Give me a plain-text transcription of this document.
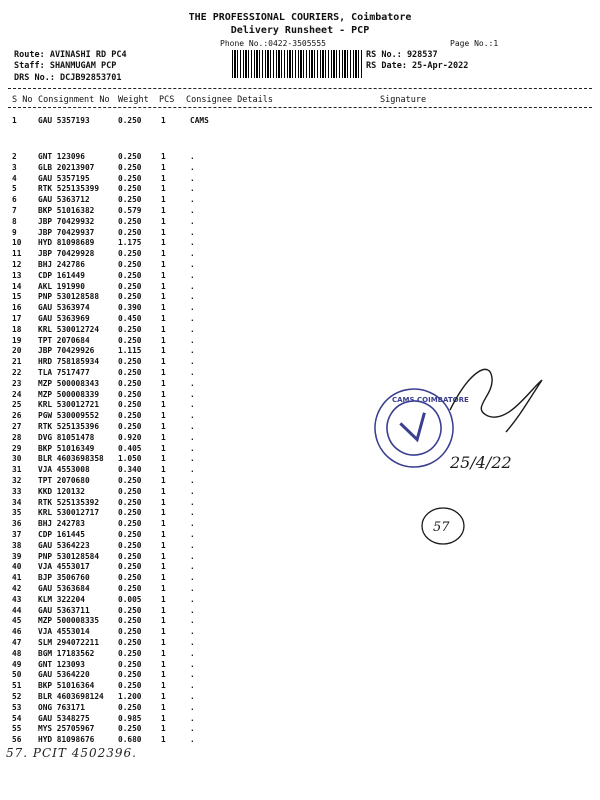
THE PROFESSIONAL COURIERS, Coimbatore
Delivery Runsheet - PCP
Phone No.:0422-3505555	Page No.:1
Route: AVINASHI RD PC4
Staff: SHANMUGAM PCP
DRS No.: DCJB92853701
RS No.: 928537
RS Date: 25-Apr-2022
S No Consignment No Weight PCS Consignee Details	Signature
1	GAU 5357193	0.250	1	CAMS
2	GNT 123096	0.250	1	.
3	GLB 20213907	0.250	1	.
4	GAU 5357195	0.250	1	.
5	RTK 525135399 0.250	1	.
6	GAU 5363712	0.250	1	.
7	BKP 51016382	0.579	1	.
8	JBP 70429932	0.250	1	.
9	JBP 70429937	0.250	1	.
10 HYD 81098689	1.175	1	.
11 JBP 70429928	0.250	1	.
12 BHJ 242786	0.250	1	.
13 CDP 161449	0.250	1	.
14 AKL 191990	0.250	1	.
15 PNP 530128588 0.250	1	.
16 GAU 5363974	0.390	1	.
17 GAU 5363969	0.450	1	.
18 KRL 530012724 0.250	1	.
19 TPT 2070684	0.250	1	.
20 JBP 70429926	1.115	1	.
21 HRD 758185934 0.250	1	.
22 TLA 7517477	0.250	1	.
23 MZP 500008343 0.250	1	.
24 MZP 500008339 0.250	1	.
25 KRL 530012721 0.250	1	.
26 PGW 530009552 0.250	1	.
27 RTK 525135396 0.250	1	.
28 DVG 81051478	0.920	1	.
29 BKP 51016349	0.405	1	.
30 BLR 4603698358 1.050	1	.
31 VJA 4553008	0.340	1	.
32 TPT 2070680	0.250	1	.
33 KKD 120132	0.250	1	.
34 RTK 525135392 0.250	1	.
35 KRL 530012717 0.250	1	.
36 BHJ 242783	0.250	1	.
37 CDP 161445	0.250	1	.
38 GAU 5364223	0.250	1	.
39 PNP 530128584 0.250	1	.
40 VJA 4553017	0.250	1	.
41 BJP 3506760	0.250	1	.
42 GAU 5363684	0.250	1	.
43 KLM 322204	0.005	1	.
44 GAU 5363711	0.250	1	.
45 MZP 500008335 0.250	1	.
46 VJA 4553014	0.250	1	.
47 SLM 294072211 0.250	1	.
48 BGM 17183562	0.250	1	.
49 GNT 123093	0.250	1	.
50 GAU 5364220	0.250	1	.
51 BKP 51016364	0.250	1	.
52 BLR 4603698124 1.200	1	.
53 ONG 763171	0.250	1	.
54 GAU 5348275	0.985	1	.
55 MYS 25705967	0.250	1	.
56 HYD 81098676	0.680	1	.
CAMS COIMBATORE
25/4/22
57
57. PCIT 4502396.
